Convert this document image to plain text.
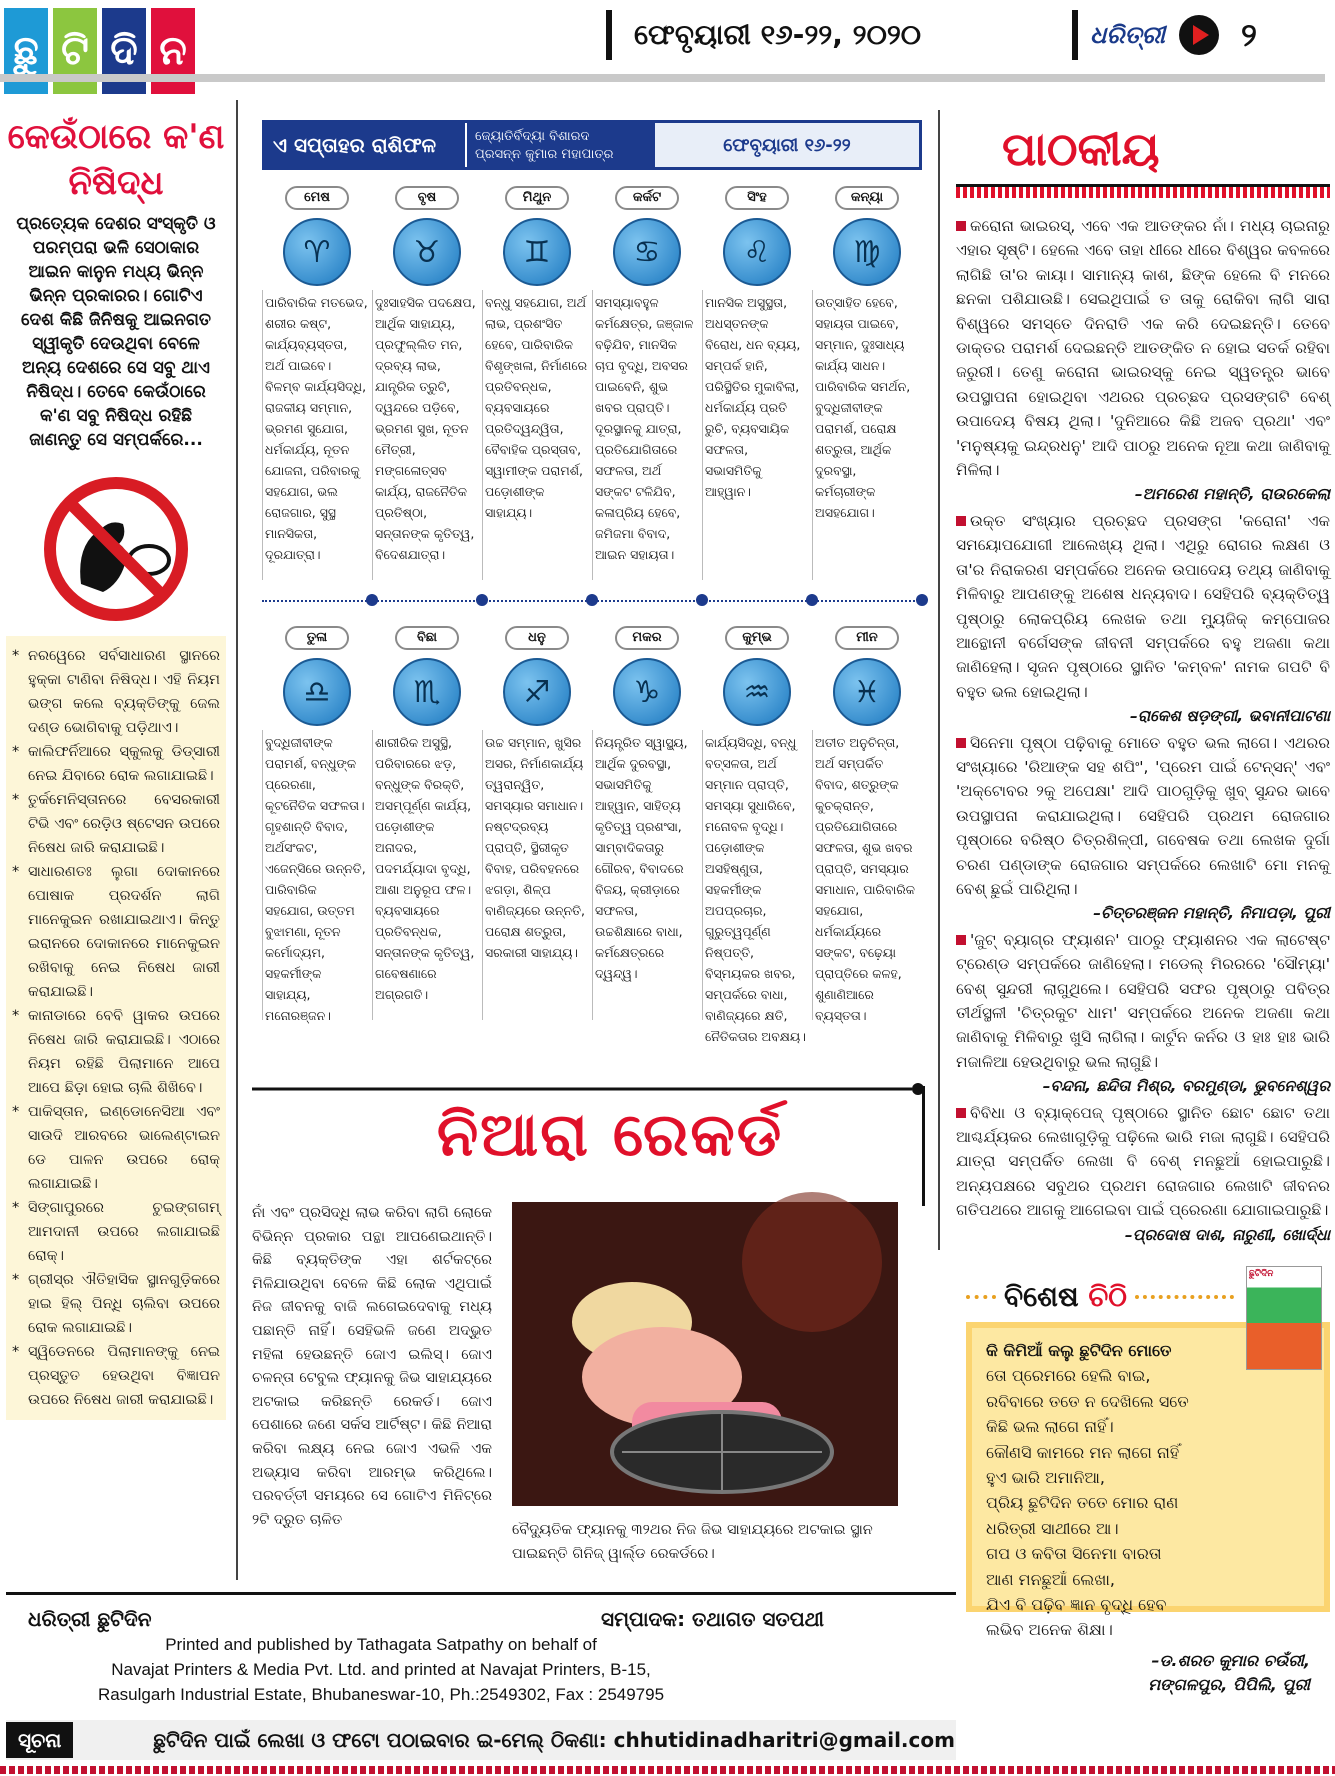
ଛୁ ଟି ଦି ନ	ଫେବୃୟାରୀ ୧୬-୨୨, ୨୦୨୦	ଧରିତ୍ରୀ ୨
କେଉଁଠାରେ କ'ଣ ନିଷିଦ୍ଧ
ପ୍ରତ୍ୟେକ ଦେଶର ସଂସ୍କୃତି ଓ ପରମ୍ପରା ଭଳି ସେଠାକାର ଆଇନ କାନୁନ ମଧ୍ୟ ଭିନ୍ନ ଭିନ୍ନ ପ୍ରକାରର। ଗୋଟିଏ ଦେଶ କିଛି ଜିନିଷକୁ ଆଇନଗତ ସ୍ୱୀକୃତି ଦେଉଥିବା ବେଳେ ଅନ୍ୟ ଦେଶରେ ସେ ସବୁ ଥାଏ ନିଷିଦ୍ଧ। ତେବେ କେଉଁଠାରେ କ'ଣ ସବୁ ନିଷିଦ୍ଧ ରହିଛି ଜାଣନ୍ତୁ ସେ ସମ୍ପର୍କରେ...
* ନରୱେରେ ସର୍ବସାଧାରଣ ସ୍ଥାନରେ ହୁକ୍କା ଟାଣିବା ନିଷିଦ୍ଧ। ଏହି ନିୟମ ଭଙ୍ଗ କଲେ ବ୍ୟକ୍ତିଙ୍କୁ ଜେଲ ଦଣ୍ଡ ଭୋଗିବାକୁ ପଡ଼ିଥାଏ।
* କାଲିଫର୍ନିଆରେ ସ୍କୁଲକୁ ଡିଡ୍‌ସାରୀ ନେଇ ଯିବାରେ ରୋକ ଲଗାଯାଇଛି।
* ତୁର୍କମେନିସ୍ତାନରେ ବେସରକାରୀ ଟିଭି ଏବଂ ରେଡ଼ିଓ ଷ୍ଟେସନ ଉପରେ ନିଷେଧ ଜାରି କରାଯାଇଛି।
* ସାଧାରଣତଃ ଲୁଗା ଦୋକାନରେ ପୋଷାକ ପ୍ରଦର୍ଶନ ଲାଗି ମାନେକୁଇନ ରଖାଯାଇଥାଏ। କିନ୍ତୁ ଇରାନରେ ଦୋକାନରେ ମାନେକୁଇନ ରଖିବାକୁ ନେଇ ନିଷେଧ ଜାରୀ କରାଯାଇଛି।
* କାନାଡାରେ ବେବି ୱାକର ଉପରେ ନିଷେଧ ଜାରି କରାଯାଇଛି। ଏଠାରେ ନିୟମ ରହିଛି ପିଲାମାନେ ଆପେ ଆପେ ଛିଡ଼ା ହୋଇ ଚାଲି ଶିଖିବେ।
* ପାକିସ୍ତାନ, ଇଣ୍ଡୋନେସିଆ ଏବଂ ସାଉଦି ଆରବରେ ଭାଲେଣ୍ଟାଇନ ଡେ ପାଳନ ଉପରେ ରୋକ୍ ଲଗାଯାଇଛି।
* ସିଙ୍ଗାପୁରରେ ଚୁଇଙ୍ଗଗମ୍ ଆମଦାନୀ ଉପରେ ଲଗାଯାଇଛି ରୋକ୍।
* ଗ୍ରୀସ୍‌ର ଐତିହାସିକ ସ୍ଥାନଗୁଡ଼ିକରେ ହାଇ ହିଲ୍ ପିନ୍ଧି ଚାଲିବା ଉପରେ ରୋକ ଲଗାଯାଇଛି।
* ସ୍ୱିଡେନରେ ପିଲାମାନଙ୍କୁ ନେଇ ପ୍ରସ୍ତୁତ ହେଉଥିବା ବିଜ୍ଞାପନ ଉପରେ ନିଷେଧ ଜାରୀ କରାଯାଇଛି।
ଏ ସପ୍ତାହର ରାଶିଫଳ	ଜ୍ୟୋତିର୍ବିଦ୍ୟା ବିଶାରଦ
ପ୍ରସନ୍ନ କୁମାର ମହାପାତ୍ର	ଫେବୃୟାରୀ ୧୬-୨୨
ମେଷ
♈
ପାରିବାରିକ ମତଭେଦ, ଶରୀର କଷ୍ଟ, କାର୍ଯ୍ୟବ୍ୟସ୍ତତା, ଅର୍ଥ ପାଇବେ। ବିଳମ୍ବ କାର୍ଯ୍ୟସିଦ୍ଧି, ରାଜକୀୟ ସମ୍ମାନ, ଭ୍ରମଣ ସୁଯୋଗ, ଧର୍ମକାର୍ଯ୍ୟ, ନୂତନ ଯୋଜନା, ପରିବାରକୁ ସହଯୋଗ, ଭଲ ରୋଜଗାର, ସୁସ୍ଥ ମାନସିକତା, ଦୂରଯାତ୍ରା।
ବୃଷ
♉
ଦୁଃସାହସିକ ପଦକ୍ଷେପ, ଆର୍ଥିକ ସାହାଯ୍ୟ, ପ୍ରଫୁଲ୍ଲିତ ମନ, ଦ୍ରବ୍ୟ ଲାଭ, ଯାନ୍ତ୍ରିକ ତ୍ରୁଟି, ଦ୍ୱନ୍ଦରେ ପଡ଼ିବେ, ଭ୍ରମଣ ସୁଖ, ନୂତନ ମୈତ୍ରୀ, ମଙ୍ଗଳୋତ୍ସବ କାର୍ଯ୍ୟ, ରାଜନୈତିକ ପ୍ରତିଷ୍ଠା, ସନ୍ତାନଙ୍କ କୃତିତ୍ୱ, ବିଦେଶଯାତ୍ରା।
ମିଥୁନ
♊
ବନ୍ଧୁ ସହଯୋଗ, ଅର୍ଥ ଲାଭ, ପ୍ରଶଂସିତ ହେବେ, ପାରିବାରିକ ବିଶୃଙ୍ଖଳା, ନିର୍ମାଣରେ ପ୍ରତିବନ୍ଧକ, ବ୍ୟବସାୟରେ ପ୍ରତିଦ୍ୱନ୍ଦ୍ୱିତା, ବୈବାହିକ ପ୍ରସ୍ତାବ, ସ୍ୱାମୀଙ୍କ ପରାମର୍ଶ, ପଡ଼ୋଶୀଙ୍କ ସାହାଯ୍ୟ।
କର୍କଟ
♋
ସମସ୍ୟାବହୁଳ କର୍ମକ୍ଷେତ୍ର, ଜଞ୍ଜାଳ ବଢ଼ିଯିବ, ମାନସିକ ଚାପ ବୃଦ୍ଧି, ଅବସର ପାଇବେନି, ଶୁଭ ଖବର ପ୍ରାପ୍ତି। ଦୂରସ୍ଥାନକୁ ଯାତ୍ରା, ପ୍ରତିଯୋଗିତାରେ ସଫଳତା, ଅର୍ଥ ସଙ୍କଟ ଟଳିଯିବ, କଳାପ୍ରିୟ ହେବେ, ଜମିଜମା ବିବାଦ, ଆଇନ ସହାୟତା।
ସିଂହ
♌
ମାନସିକ ଅସୁସ୍ଥତା, ଅଧସ୍ତନଙ୍କ ବିରୋଧ, ଧନ ବ୍ୟୟ, ସମ୍ପର୍କ ହାନି, ପରିସ୍ଥିତିର ମୁକାବିଲା, ଧର୍ମକାର୍ଯ୍ୟ ପ୍ରତି ରୁଚି, ବ୍ୟବସାୟିକ ସଫଳତା, ସଭାସମିତିକୁ ଆହ୍ୱାନ।
କନ୍ୟା
♍
ଉତ୍ସାହିତ ହେବେ, ସହାୟତା ପାଇବେ, ସମ୍ମାନ, ଦୁଃସାଧ୍ୟ କାର୍ଯ୍ୟ ସାଧନ। ପାରିବାରିକ ସମର୍ଥନ, ବୁଦ୍ଧିଜୀବୀଙ୍କ ପରାମର୍ଶ, ପରୋକ୍ଷ ଶତ୍ରୁତା, ଆର୍ଥିକ ଦୁରବସ୍ଥା, କର୍ମଚାରୀଙ୍କ ଅସହଯୋଗ।
ତୁଳା
♎
ବୁଦ୍ଧିଜୀବୀଙ୍କ ପରାମର୍ଶ, ବନ୍ଧୁଙ୍କ ପ୍ରେରଣା, କୂଟନୈତିକ ସଫଳତା। ଗୃହଶାନ୍ତି ବିବାଦ, ଅର୍ଥସଂକଟ, ଏଜେନ୍ସିରେ ଉନ୍ନତି, ପାରିବାରିକ ସହଯୋଗ, ଉତ୍ତମ ବୁଝାମଣା, ନୂତନ କର୍ମୋଦ୍ୟମ, ସହକର୍ମୀଙ୍କ ସାହାଯ୍ୟ, ମନୋରଞ୍ଜନ।
ବିଛା
♏
ଶାରୀରିକ ଅସୁସ୍ଥି, ପରିବାରରେ ଝଡ଼, ବନ୍ଧୁଙ୍କ ବିରକ୍ତି, ଅସମ୍ପୂର୍ଣ୍ଣ କାର୍ଯ୍ୟ, ପଡ଼ୋଶୀଙ୍କ ଅନାଦର, ପଦମର୍ଯ୍ୟାଦା ବୃଦ୍ଧି, ଆଶା ଅନୁରୂପ ଫଳ। ବ୍ୟବସାୟରେ ପ୍ରତିବନ୍ଧକ, ସନ୍ତାନଙ୍କ କୃତିତ୍ୱ, ଗବେଷଣାରେ ଅଗ୍ରଗତି।
ଧନୁ
♐
ଉଚ୍ଚ ସମ୍ମାନ, ଖୁସିର ଅସର, ନିର୍ମାଣକାର୍ଯ୍ୟ ତ୍ୱରାନ୍ୱିତ, ସମସ୍ୟାର ସମାଧାନ। ନଷ୍ଟଦ୍ରବ୍ୟ ପ୍ରାପ୍ତି, ସ୍ଥିରୀକୃତ ବିବାହ, ପରିବହନରେ ଝଗଡ଼ା, ଶିଳ୍ପ ବାଣିଜ୍ୟରେ ଉନ୍ନତି, ପରୋକ୍ଷ ଶତ୍ରୁତା, ସରକାରୀ ସାହାଯ୍ୟ।
ମକର
♑
ନିୟନ୍ତ୍ରିତ ସ୍ୱାସ୍ଥ୍ୟ, ଆର୍ଥିକ ଦୁରବସ୍ଥା, ସଭାସମିତିକୁ ଆହ୍ୱାନ, ସାହିତ୍ୟ କୃତିତ୍ୱ ପ୍ରଶଂସା, ସାମ୍ବାଦିକତାରୁ ଗୌରବ, ବିବାଦରେ ବିଜୟ, କ୍ରୀଡ଼ାରେ ସଫଳତା, ଉଚ୍ଚଶିକ୍ଷାରେ ବାଧା, କର୍ମକ୍ଷେତ୍ରରେ ଦ୍ୱନ୍ଦ୍ୱ।
କୁମ୍ଭ
♒
କାର୍ଯ୍ୟସିଦ୍ଧି, ବନ୍ଧୁ ବତ୍ସଳତା, ଅର୍ଥ ସମ୍ମାନ ପ୍ରାପ୍ତି, ସମସ୍ୟା ସୁଧାରିବେ, ମନୋବଳ ବୃଦ୍ଧି। ପଡ଼ୋଶୀଙ୍କ ଅସହିଷ୍ଣୁତା, ସହକର୍ମୀଙ୍କ ଅପପ୍ରଚାର, ଗୁରୁତ୍ୱପୂର୍ଣ୍ଣ ନିଷ୍ପତ୍ତି, ବିସ୍ମୟକର ଖବର, ସମ୍ପର୍କରେ ବାଧା, ବାଣିଜ୍ୟରେ କ୍ଷତି, ନୈତିକତାର ଅବକ୍ଷୟ।
ମୀନ
♓
ଅତୀତ ଅନୁଚିନ୍ତା, ଅର୍ଥ ସମ୍ପର୍କିତ ବିବାଦ, ଶତ୍ରୁଙ୍କ କୁଚକ୍ରାନ୍ତ, ପ୍ରତିଯୋଗିତାରେ ସଫଳତା, ଶୁଭ ଖବର ପ୍ରାପ୍ତି, ସମସ୍ୟାର ସମାଧାନ, ପାରିବାରିକ ସହଯୋଗ, ଧର୍ମକାର୍ଯ୍ୟରେ ସଙ୍କଟ, ବଢ଼େୟା ପ୍ରାପ୍ତିରେ କଳହ, ଶୁଣାଣିଆରେ ବ୍ୟସ୍ତତା।
ନିଆରା ରେକର୍ଡ
ନାଁ ଏବଂ ପ୍ରସିଦ୍ଧି ଲାଭ କରିବା ଲାଗି ଲୋକେ ବିଭିନ୍ନ ପ୍ରକାର ପନ୍ଥା ଆପଣେଇଥାନ୍ତି। କିଛି ବ୍ୟକ୍ତିଙ୍କ ଏହା ଶର୍ଟକଟ୍‌ରେ ମିଳିଯାଉଥିବା ବେଳେ କିଛି ଲୋକ ଏଥିପାଇଁ ନିଜ ଜୀବନକୁ ବାଜି ଲଗେଇଦେବାକୁ ମଧ୍ୟ ପଛାନ୍ତି ନାହିଁ। ସେହିଭଳି ଜଣେ ଅଦ୍ଭୁତ ମହିଳା ହେଉଛନ୍ତି ଜୋଏ ଇଲିସ୍। ଜୋଏ ଚଳନ୍ତା ଟେବୁଲ ଫ୍ୟାନକୁ ଜିଭ ସାହାଯ୍ୟରେ ଅଟକାଇ କରିଛନ୍ତି ରେକର୍ଡ। ଜୋଏ ପେଶାରେ ଜଣେ ସର୍କସ ଆର୍ଟିଷ୍ଟ। କିଛି ନିଆରା କରିବା ଲକ୍ଷ୍ୟ ନେଇ ଜୋଏ ଏଭଳି ଏକ ଅଭ୍ୟାସ କରିବା ଆରମ୍ଭ କରିଥିଲେ। ପରବର୍ତ୍ତୀ ସମୟରେ ସେ ଗୋଟିଏ ମିନିଟ୍‌ରେ ୨ଟି ଦ୍ରୁତ ଚାଳିତ
ବୈଦ୍ୟୁତିକ ଫ୍ୟାନକୁ ୩୨ଥର ନିଜ ଜିଭ ସାହାଯ୍ୟରେ ଅଟକାଇ ସ୍ଥାନ ପାଇଛନ୍ତି ଗିନିଜ୍ ୱାର୍ଲ୍ଡ ରେକର୍ଡରେ।
ପାଠକୀୟ
କରୋନା ଭାଇରସ୍, ଏବେ ଏକ ଆତଙ୍କର ନାଁ। ମଧ୍ୟ ଚାଇନାରୁ ଏହାର ସୃଷ୍ଟି। ହେଲେ ଏବେ ତାହା ଧୀରେ ଧୀରେ ବିଶ୍ୱର କବଳରେ ଲାଗିଛି ତା'ର କାୟା। ସାମାନ୍ୟ କାଶ, ଛିଙ୍କ ହେଲେ ବି ମନରେ ଛନକା ପଶିଯାଉଛି। ସେଇଥିପାଇଁ ତ ତାକୁ ରୋକିବା ଲାଗି ସାରା ବିଶ୍ୱରେ ସମସ୍ତେ ଦିନରାତି ଏକ କରି ଦେଇଛନ୍ତି। ତେବେ ଡାକ୍ତର ପରାମର୍ଶ ଦେଇଛନ୍ତି ଆତଙ୍କିତ ନ ହୋଇ ସତର୍କ ରହିବା ଜରୁରୀ। ତେଣୁ କରୋନା ଭାଇରସ୍‌କୁ ନେଇ ସ୍ୱତନ୍ତ୍ର ଭାବେ ଉପସ୍ଥାପନା ହୋଇଥିବା ଏଥରର ପ୍ରଚ୍ଛଦ ପ୍ରସଙ୍ଗଟି ବେଶ୍ ଉପାଦେୟ ବିଷୟ ଥିଲା। 'ଦୁନିଆରେ କିଛି ଅଜବ ପ୍ରଥା' ଏବଂ 'ମନୁଷ୍ୟକୁ ଇନ୍ଦ୍ରଧନୁ' ଆଦି ପାଠରୁ ଅନେକ ନୂଆ କଥା ଜାଣିବାକୁ ମିଳିଲା।
–ଅମରେଶ ମହାନ୍ତି, ରାଉରକେଲା
ଉକ୍ତ ସଂଖ୍ୟାର ପ୍ରଚ୍ଛଦ ପ୍ରସଙ୍ଗ 'କରୋନା' ଏକ ସମୟୋପଯୋଗୀ ଆଲେଖ୍ୟ ଥିଲା। ଏଥିରୁ ରୋଗର ଲକ୍ଷଣ ଓ ତା'ର ନିରାକରଣ ସମ୍ପର୍କରେ ଅନେକ ଉପାଦେୟ ତଥ୍ୟ ଜାଣିବାକୁ ମିଳିବାରୁ ଆପଣଙ୍କୁ ଅଶେଷ ଧନ୍ୟବାଦ। ସେହିପରି ବ୍ୟକ୍ତିତ୍ୱ ପୃଷ୍ଠାରୁ ଲୋକପ୍ରିୟ ଲେଖକ ତଥା ମ୍ୟୁଜିକ୍ କମ୍ପୋଜର ଆନ୍ଥୋନୀ ବର୍ଗେସଙ୍କ ଜୀବନୀ ସମ୍ପର୍କରେ ବହୁ ଅଜଣା କଥା ଜାଣିହେଲା। ସୃଜନ ପୃଷ୍ଠାରେ ସ୍ଥାନିତ 'କମ୍ବଳ' ନାମକ ଗପଟି ବି ବହୁତ ଭଲ ହୋଇଥିଲା।
–ରାକେଶ ଷଡ଼ଙ୍ଗୀ, ଭବାନୀପାଟଣା
ସିନେମା ପୃଷ୍ଠା ପଢ଼ିବାକୁ ମୋତେ ବହୁତ ଭଲ ଲାଗେ। ଏଥରର ସଂଖ୍ୟାରେ 'ରିଆଙ୍କ ସହ ଶପିଂ', 'ପ୍ରେମ ପାଇଁ ଟେନ୍‌ସନ୍' ଏବଂ 'ଅକ୍ଟୋବର ୨କୁ ଅପେକ୍ଷା' ଆଦି ପାଠଗୁଡ଼ିକୁ ଖୁବ୍ ସୁନ୍ଦର ଭାବେ ଉପସ୍ଥାପନା କରାଯାଇଥିଲା। ସେହିପରି ପ୍ରଥମ ରୋଜଗାର ପୃଷ୍ଠାରେ ବରିଷ୍ଠ ଚିତ୍ରଶିଳ୍ପୀ, ଗବେଷକ ତଥା ଲେଖକ ଦୁର୍ଗା ଚରଣ ପଣ୍ଡାଙ୍କ ରୋଜଗାର ସମ୍ପର୍କରେ ଲେଖାଟି ମୋ ମନକୁ ବେଶ୍ ଛୁଇଁ ପାରିଥିଲା।
–ଚିତ୍ତରଞ୍ଜନ ମହାନ୍ତି, ନିମାପଡ଼ା, ପୁରୀ
'ଜୁଟ୍ ବ୍ୟାଗ୍‌ର ଫ୍ୟାଶନ' ପାଠରୁ ଫ୍ୟାଶନର ଏକ ଲାଟେଷ୍ଟ ଟ୍ରେଣ୍ଡ ସମ୍ପର୍କରେ ଜାଣିହେଲା। ମଡେଲ୍ ମିରରରେ 'ସୌମ୍ୟା' ବେଶ୍ ସୁନ୍ଦରୀ ଲାଗୁଥିଲେ। ସେହିପରି ସଫର ପୃଷ୍ଠାରୁ ପବିତ୍ର ତୀର୍ଥସ୍ଥଳୀ 'ଚିତ୍ରକୁଟ ଧାମ' ସମ୍ପର୍କରେ ଅନେକ ଅଜଣା କଥା ଜାଣିବାକୁ ମିଳିବାରୁ ଖୁସି ଲାଗିଲା। କାର୍ଟୁନ କର୍ନର ଓ ହାଃ ହାଃ ଭାରି ମଜାଳିଆ ହେଉଥିବାରୁ ଭଲ ଲାଗୁଛି।
–ବନ୍ଦନା, ଛନ୍ଦିତା ମିଶ୍ର, ବରମୁଣ୍ଡା, ଭୁବନେଶ୍ୱର
ବିବିଧା ଓ ବ୍ୟାକ୍‌ପେଜ୍ ପୃଷ୍ଠାରେ ସ୍ଥାନିତ ଛୋଟ ଛୋଟ ତଥା ଆଶ୍ଚର୍ଯ୍ୟକର ଲେଖାଗୁଡ଼ିକୁ ପଢ଼ିଲେ ଭାରି ମଜା ଲାଗୁଛି। ସେହିପରି ଯାତ୍ରା ସମ୍ପର୍କିତ ଲେଖା ବି ବେଶ୍ ମନଛୁଆଁ ହୋଇପାରୁଛି। ଅନ୍ୟପକ୍ଷରେ ସବୁଥର ପ୍ରଥମ ରୋଜଗାର ଲେଖାଟି ଜୀବନର ଗତିପଥରେ ଆଗକୁ ଆଗେଇବା ପାଇଁ ପ୍ରେରଣା ଯୋଗାଇପାରୁଛି।
–ପ୍ରଦୋଷ ଦାଶ, ନାରୁଣୀ, ଖୋର୍ଦ୍ଧା
ବିଶେଷ ଚିଠି
ଛୁଟିଦିନ
କି କିମିଆଁ କଲୁ ଛୁଟିଦିନ ମୋତେ
ତୋ ପ୍ରେମରେ ହେଲି ବାଇ,
ରବିବାରେ ତତେ ନ ଦେଖିଲେ ସତେ
କିଛି ଭଲ ଲାଗେ ନାହିଁ।
କୌଣସି କାମରେ ମନ ଲାଗେ ନାହିଁ
ହୁଏ ଭାରି ଅମାନିଆ,
ପ୍ରିୟ ଛୁଟିଦିନ ତତେ ମୋର ରାଣ
ଧରିତ୍ରୀ ସାଥୀରେ ଆ।
ଗପ ଓ କବିତା ସିନେମା ବାରତା
ଆଣ ମନଛୁଆଁ ଲେଖା,
ଯିଏ ବି ପଢ଼ିବ ଜ୍ଞାନ ବୃଦ୍ଧି ହେବ
ଲଭିବ ଅନେକ ଶିକ୍ଷା।
–ଡ.ଶରତ କୁମାର ଚଉଁରୀ,
ମଙ୍ଗଳପୁର, ପିପିଲି, ପୁରୀ
ଧରିତ୍ରୀ ଛୁଟିଦିନ	ସମ୍ପାଦକ: ତଥାଗତ ସତପଥୀ
Printed and published by Tathagata Satpathy on behalf of
Navajat Printers & Media Pvt. Ltd. and printed at Navajat Printers, B-15,
Rasulgarh Industrial Estate, Bhubaneswar-10, Ph.:2549302, Fax : 2549795
ସୂଚନା	ଛୁଟିଦିନ ପାଇଁ ଲେଖା ଓ ଫଟୋ ପଠାଇବାର ଇ-ମେଲ୍ ଠିକଣା: chhutidinadharitri@gmail.com
